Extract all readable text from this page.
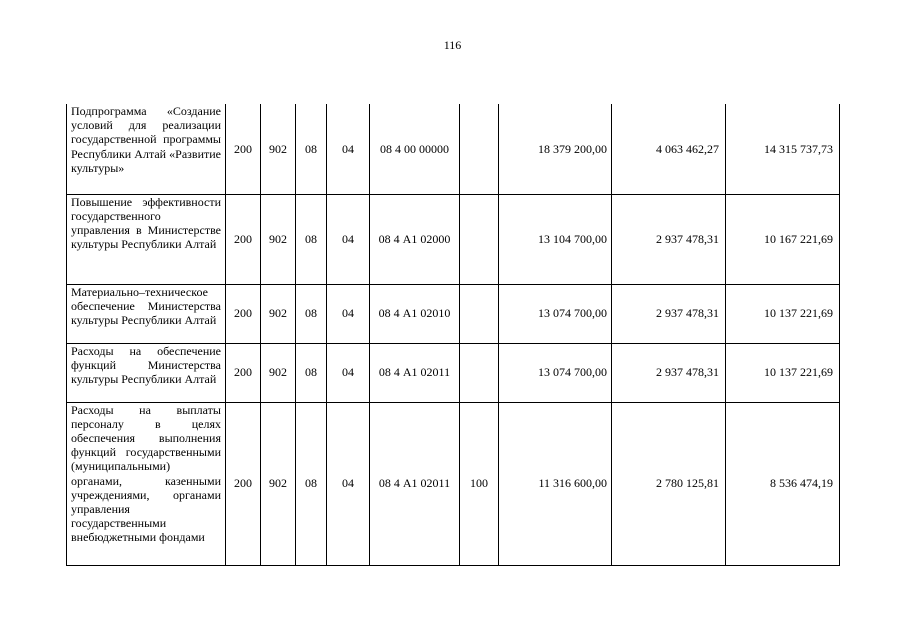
116
Подпрограмма «Создание условий для реализации государственной программы Республики Алтай «Развитие культуры»	200	902	08	04	08 4 00 00000		18 379 200,00	4 063 462,27	14 315 737,73
Повышение эффективности государственного управления в Министерстве культуры Республики Алтай	200	902	08	04	08 4 А1 02000		13 104 700,00	2 937 478,31	10 167 221,69
Материально–техническое обеспечение Министерства культуры Республики Алтай	200	902	08	04	08 4 А1 02010		13 074 700,00	2 937 478,31	10 137 221,69
Расходы на обеспечение функций Министерства культуры Республики Алтай	200	902	08	04	08 4 А1 02011		13 074 700,00	2 937 478,31	10 137 221,69
Расходы на выплаты персоналу в целях обеспечения выполнения функций государственными (муниципальными) органами, казенными учреждениями, органами управления государственными внебюджетными фондами	200	902	08	04	08 4 А1 02011	100	11 316 600,00	2 780 125,81	8 536 474,19
